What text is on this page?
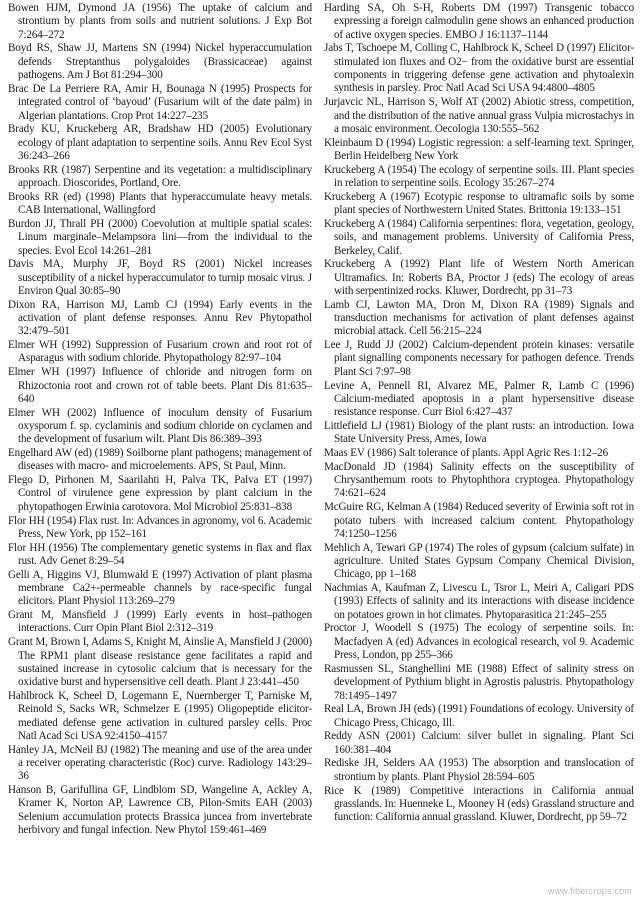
Bowen HJM, Dymond JA (1956) The uptake of calcium and strontium by plants from soils and nutrient solutions. J Exp Bot 7:264–272

Boyd RS, Shaw JJ, Martens SN (1994) Nickel hyperaccumulation defends Streptanthus polygaloides (Brassicaceae) against pathogens. Am J Bot 81:294–300

Brac De La Perriere RA, Amir H, Bounaga N (1995) Prospects for integrated control of ‘bayoud’ (Fusarium wilt of the date palm) in Algerian plantations. Crop Prot 14:227–235

Brady KU, Kruckeberg AR, Bradshaw HD (2005) Evolutionary ecology of plant adaptation to serpentine soils. Annu Rev Ecol Syst 36:243–266

Brooks RR (1987) Serpentine and its vegetation: a multidisciplinary approach. Dioscorides, Portland, Ore.

Brooks RR (ed) (1998) Plants that hyperaccumulate heavy metals. CAB International, Wallingford

Burdon JJ, Thrall PH (2000) Coevolution at multiple spatial scales: Linum marginale–Melampsora lini—from the individual to the species. Evol Ecol 14:261–281

Davis MA, Murphy JF, Boyd RS (2001) Nickel increases susceptibility of a nickel hyperaccumulator to turnip mosaic virus. J Environ Qual 30:85–90

Dixon RA, Harrison MJ, Lamb CJ (1994) Early events in the activation of plant defense responses. Annu Rev Phytopathol 32:479–501

Elmer WH (1992) Suppression of Fusarium crown and root rot of Asparagus with sodium chloride. Phytopathology 82:97–104

Elmer WH (1997) Influence of chloride and nitrogen form on Rhizoctonia root and crown rot of table beets. Plant Dis 81:635–640

Elmer WH (2002) Influence of inoculum density of Fusarium oxysporum f. sp. cyclaminis and sodium chloride on cyclamen and the development of fusarium wilt. Plant Dis 86:389–393

Engelhard AW (ed) (1989) Soilborne plant pathogens; management of diseases with macro- and microelements. APS, St Paul, Minn.

Flego D, Pirhonen M, Saarilahti H, Palva TK, Palva ET (1997) Control of virulence gene expression by plant calcium in the phytopathogen Erwinia carotovora. Mol Microbiol 25:831–838

Flor HH (1954) Flax rust. In: Advances in agronomy, vol 6. Academic Press, New York, pp 152–161

Flor HH (1956) The complementary genetic systems in flax and flax rust. Adv Genet 8:29–54

Gelli A, Higgins VJ, Blumwald E (1997) Activation of plant plasma membrane Ca2+-permeable channels by race-specific fungal elicitors. Plant Physiol 113:269–279

Grant M, Mansfield J (1999) Early events in host–pathogen interactions. Curr Opin Plant Biol 2:312–319

Grant M, Brown I, Adams S, Knight M, Ainslie A, Mansfield J (2000) The RPM1 plant disease resistance gene facilitates a rapid and sustained increase in cytosolic calcium that is necessary for the oxidative burst and hypersensitive cell death. Plant J 23:441–450

Hahlbrock K, Scheel D, Logemann E, Nuernberger T, Parniske M, Reinold S, Sacks WR, Schmelzer E (1995) Oligopeptide elicitor-mediated defense gene activation in cultured parsley cells. Proc Natl Acad Sci USA 92:4150–4157

Hanley JA, McNeil BJ (1982) The meaning and use of the area under a receiver operating characteristic (Roc) curve. Radiology 143:29–36

Hanson B, Garifullina GF, Lindblom SD, Wangeline A, Ackley A, Kramer K, Norton AP, Lawrence CB, Pilon-Smits EAH (2003) Selenium accumulation protects Brassica juncea from invertebrate herbivory and fungal infection. New Phytol 159:461–469

Harding SA, Oh S-H, Roberts DM (1997) Transgenic tobacco expressing a foreign calmodulin gene shows an enhanced production of active oxygen species. EMBO J 16:1137–1144

Jabs T, Tschoepe M, Colling C, Hahlbrock K, Scheel D (1997) Elicitor-stimulated ion fluxes and O2− from the oxidative burst are essential components in triggering defense gene activation and phytoalexin synthesis in parsley. Proc Natl Acad Sci USA 94:4800–4805

Jurjavcic NL, Harrison S, Wolf AT (2002) Abiotic stress, competition, and the distribution of the native annual grass Vulpia microstachys in a mosaic environment. Oecologia 130:555–562

Kleinbaum D (1994) Logistic regression: a self-learning text. Springer, Berlin Heidelberg New York

Kruckeberg A (1954) The ecology of serpentine soils. III. Plant species in relation to serpentine soils. Ecology 35:267–274

Kruckeberg A (1967) Ecotypic response to ultramafic soils by some plant species of Northwestern United States. Brittonia 19:133–151

Kruckeberg A (1984) California serpentines: flora, vegetation, geology, soils, and management problems. University of California Press, Berkeley, Calif.

Kruckeberg A (1992) Plant life of Western North American Ultramafics. In: Roberts BA, Proctor J (eds) The ecology of areas with serpentinized rocks. Kluwer, Dordrecht, pp 31–73

Lamb CJ, Lawton MA, Dron M, Dixon RA (1989) Signals and transduction mechanisms for activation of plant defenses against microbial attack. Cell 56:215–224

Lee J, Rudd JJ (2002) Calcium-dependent protein kinases: versatile plant signalling components necessary for pathogen defence. Trends Plant Sci 7:97–98

Levine A, Pennell RI, Alvarez ME, Palmer R, Lamb C (1996) Calcium-mediated apoptosis in a plant hypersensitive disease resistance response. Curr Biol 6:427–437

Littlefield LJ (1981) Biology of the plant rusts: an introduction. Iowa State University Press, Ames, Iowa

Maas EV (1986) Salt tolerance of plants. Appl Agric Res 1:12–26

MacDonald JD (1984) Salinity effects on the susceptibility of Chrysanthemum roots to Phytophthora cryptogea. Phytopathology 74:621–624

McGuire RG, Kelman A (1984) Reduced severity of Erwinia soft rot in potato tubers with increased calcium content. Phytopathology 74:1250–1256

Mehlich A, Tewari GP (1974) The roles of gypsum (calcium sulfate) in agriculture. United States Gypsum Company Chemical Division, Chicago, pp 1–168

Nachmias A, Kaufman Z, Livescu L, Tsror L, Meiri A, Caligari PDS (1993) Effects of salinity and its interactions with disease incidence on potatoes grown in hot climates. Phytoparasitica 21:245–255

Proctor J, Woodell S (1975) The ecology of serpentine soils. In: Macfadyen A (ed) Advances in ecological research, vol 9. Academic Press, London, pp 255–366

Rasmussen SL, Stanghellini ME (1988) Effect of salinity stress on development of Pythium blight in Agrostis palustris. Phytopathology 78:1495–1497

Real LA, Brown JH (eds) (1991) Foundations of ecology. University of Chicago Press, Chicago, Ill.

Reddy ASN (2001) Calcium: silver bullet in signaling. Plant Sci 160:381–404

Rediske JH, Selders AA (1953) The absorption and translocation of strontium by plants. Plant Physiol 28:594–605

Rice K (1989) Competitive interactions in California annual grasslands. In: Huenneke L, Mooney H (eds) Grassland structure and function: California annual grassland. Kluwer, Dordrecht, pp 59–72

www.fibercrops.com
